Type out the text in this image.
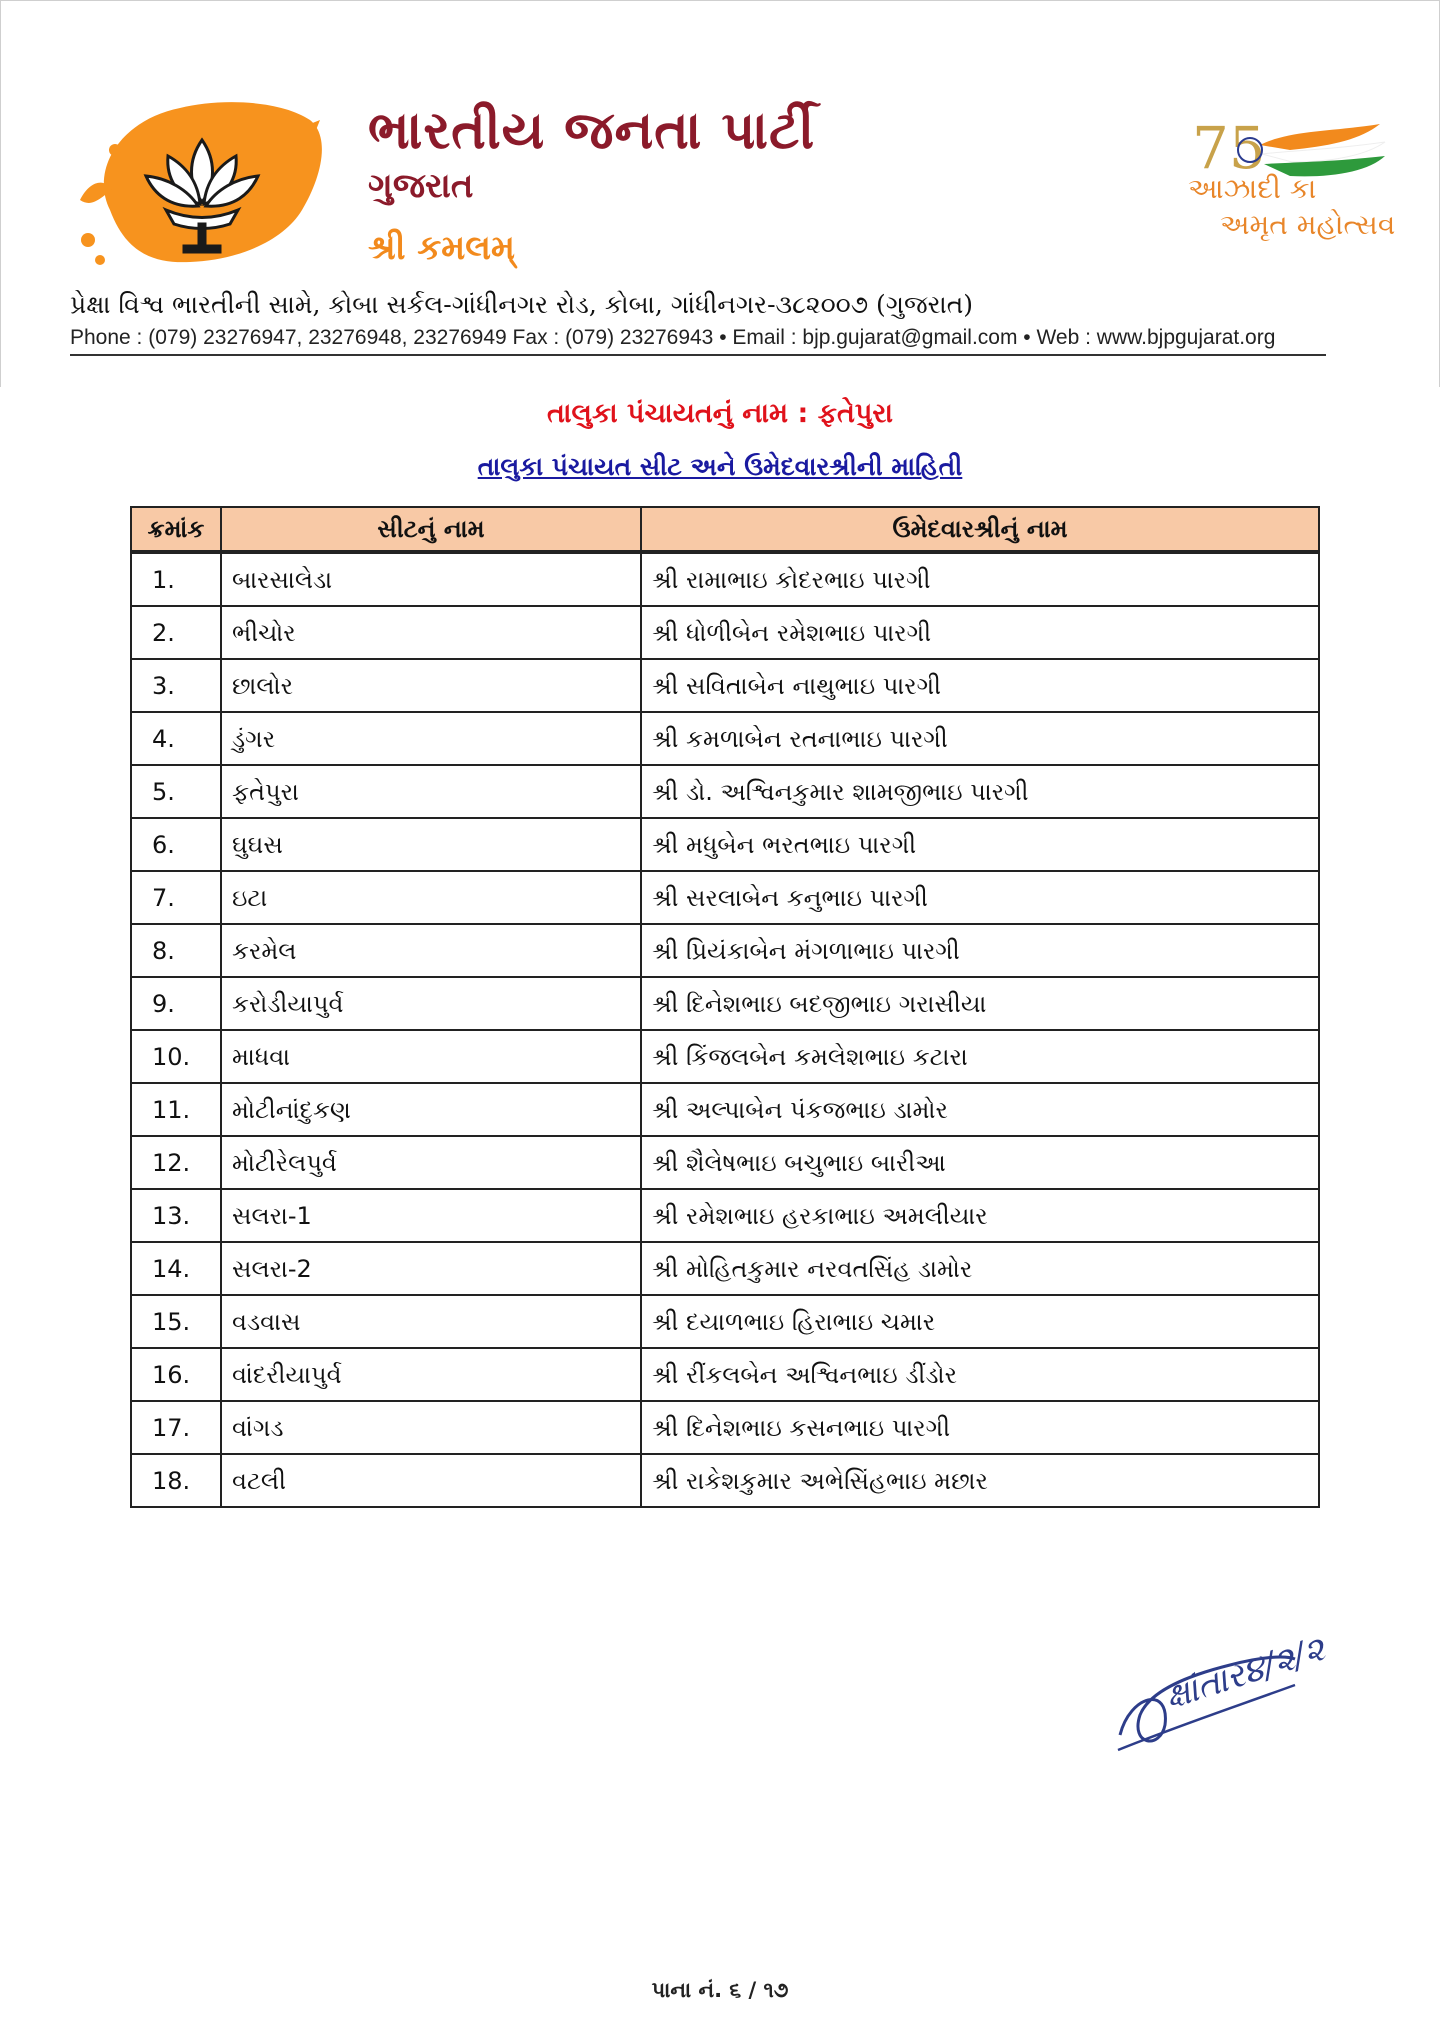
ભારતીય જનતા પાર્ટી
ગુજરાત
શ્રી કમલમ્
75
આઝાદી કા
અમૃત મહોત્સવ
પ્રેક્ષા વિશ્વ ભારતીની સામે, કોબા સર્કલ-ગાંધીનગર રોડ, કોબા, ગાંધીનગર-૩૮૨૦૦૭ (ગુજરાત)
Phone : (079) 23276947, 23276948, 23276949 Fax : (079) 23276943 • Email : bjp.gujarat@gmail.com • Web : www.bjpgujarat.org
તાલુકા પંચાયતનું નામ : ફતેપુરા
તાલુકા પંચાયત સીટ અને ઉમેદવારશ્રીની માહિતી
ક્રમાંક	સીટનું નામ	ઉમેદવારશ્રીનું નામ
1.	બારસાલેડા	શ્રી રામાભાઇ કોદરભાઇ પારગી
2.	ભીચોર	શ્રી ધોળીબેન રમેશભાઇ પારગી
3.	છાલોર	શ્રી સવિતાબેન નાથુભાઇ પારગી
4.	ડુંગર	શ્રી કમળાબેન રતનાભાઇ પારગી
5.	ફતેપુરા	શ્રી ડો. અશ્વિનકુમાર શામજીભાઇ પારગી
6.	ઘુઘસ	શ્રી મધુબેન ભરતભાઇ પારગી
7.	ઇટા	શ્રી સરલાબેન કનુભાઇ પારગી
8.	કરમેલ	શ્રી પ્રિયંકાબેન મંગળાભાઇ પારગી
9.	કરોડીયાપુર્વ	શ્રી દિનેશભાઇ બદજીભાઇ ગરાસીયા
10.	માધવા	શ્રી કિંજલબેન કમલેશભાઇ કટારા
11.	મોટીનાંદુકણ	શ્રી અલ્પાબેન પંકજભાઇ ડામોર
12.	મોટીરેલપુર્વ	શ્રી શૈલેષભાઇ બચુભાઇ બારીઆ
13.	સલરા-1	શ્રી રમેશભાઇ હરકાભાઇ અમલીયાર
14.	સલરા-2	શ્રી મોહિતકુમાર નરવતસિંહ ડામોર
15.	વડવાસ	શ્રી દયાળભાઇ હિરાભાઇ ચમાર
16.	વાંદરીયાપુર્વ	શ્રી રીંકલબેન અશ્વિનભાઇ ડીંડોર
17.	વાંગડ	શ્રી દિનેશભાઇ કસનભાઇ પારગી
18.	વટલી	શ્રી રાકેશકુમાર અભેસિંહભાઇ મછાર
ક્ષાંતાર૪/૨/૨
પાના નં. ૬ / ૧૭
